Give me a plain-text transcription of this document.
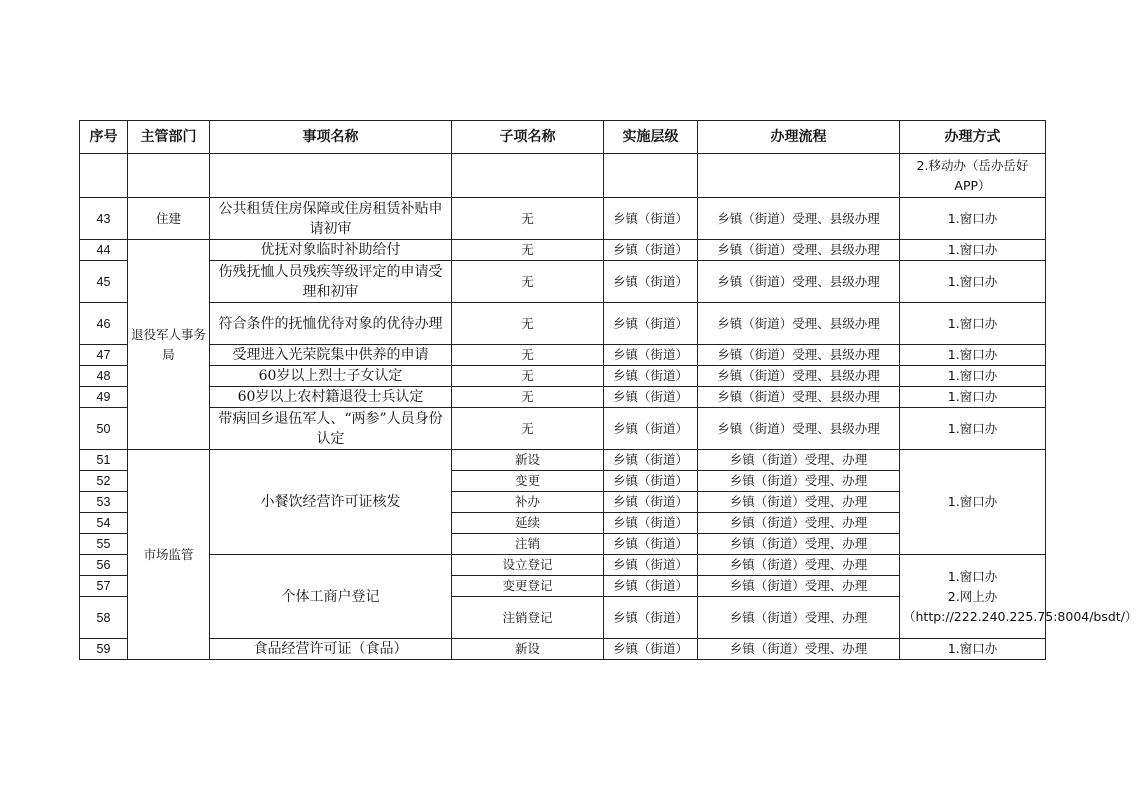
序号	主管部门	事项名称	子项名称	实施层级	办理流程	办理方式
						2.移动办（岳办岳好APP）
43	住建	公共租赁住房保障或住房租赁补贴申请初审	无	乡镇（街道）	乡镇（街道）受理、县级办理	1.窗口办
44	退役军人事务局	优抚对象临时补助给付	无	乡镇（街道）	乡镇（街道）受理、县级办理	1.窗口办
45		伤残抚恤人员残疾等级评定的申请受理和初审	无	乡镇（街道）	乡镇（街道）受理、县级办理	1.窗口办
46		符合条件的抚恤优待对象的优待办理	无	乡镇（街道）	乡镇（街道）受理、县级办理	1.窗口办
47		受理进入光荣院集中供养的申请	无	乡镇（街道）	乡镇（街道）受理、县级办理	1.窗口办
48		60岁以上烈士子女认定	无	乡镇（街道）	乡镇（街道）受理、县级办理	1.窗口办
49		60岁以上农村籍退役士兵认定	无	乡镇（街道）	乡镇（街道）受理、县级办理	1.窗口办
50		带病回乡退伍军人、“两参”人员身份认定	无	乡镇（街道）	乡镇（街道）受理、县级办理	1.窗口办
51	市场监管	小餐饮经营许可证核发	新设	乡镇（街道）	乡镇（街道）受理、办理	1.窗口办
52			变更	乡镇（街道）	乡镇（街道）受理、办理	
53			补办	乡镇（街道）	乡镇（街道）受理、办理	
54			延续	乡镇（街道）	乡镇（街道）受理、办理	
55			注销	乡镇（街道）	乡镇（街道）受理、办理	
56		个体工商户登记	设立登记	乡镇（街道）	乡镇（街道）受理、办理	1.窗口办
2.网上办
（http://222.240.225.75:8004/bsdt/）

57			变更登记	乡镇（街道）	乡镇（街道）受理、办理	
58			注销登记	乡镇（街道）	乡镇（街道）受理、办理	
59		食品经营许可证（食品）	新设	乡镇（街道）	乡镇（街道）受理、办理	1.窗口办
